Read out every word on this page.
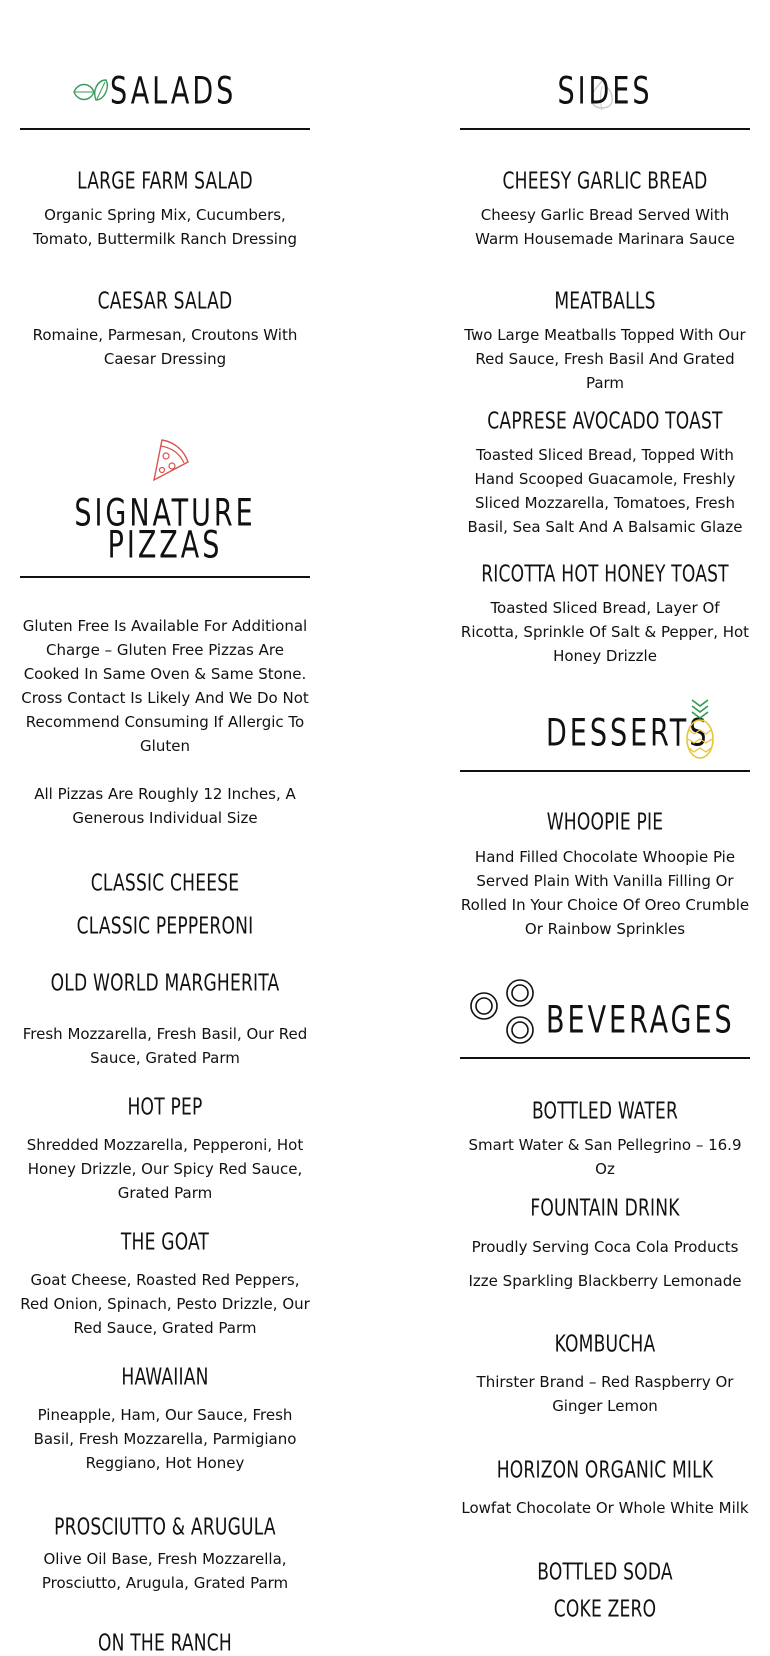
SALADS
LARGE FARM SALAD
Organic Spring Mix, Cucumbers, Tomato, Buttermilk Ranch Dressing
CAESAR SALAD
Romaine, Parmesan, Croutons With Caesar Dressing
SIGNATURE
PIZZAS
Gluten Free Is Available For Additional Charge – Gluten Free Pizzas Are Cooked In Same Oven & Same Stone. Cross Contact Is Likely And We Do Not Recommend Consuming If Allergic To Gluten
All Pizzas Are Roughly 12 Inches, A Generous Individual Size
CLASSIC CHEESE
CLASSIC PEPPERONI
OLD WORLD MARGHERITA
Fresh Mozzarella, Fresh Basil, Our Red Sauce, Grated Parm
HOT PEP
Shredded Mozzarella, Pepperoni, Hot Honey Drizzle, Our Spicy Red Sauce, Grated Parm
THE GOAT
Goat Cheese, Roasted Red Peppers, Red Onion, Spinach, Pesto Drizzle, Our Red Sauce, Grated Parm
HAWAIIAN
Pineapple, Ham, Our Sauce, Fresh Basil, Fresh Mozzarella, Parmigiano Reggiano, Hot Honey
PROSCIUTTO & ARUGULA
Olive Oil Base, Fresh Mozzarella, Prosciutto, Arugula, Grated Parm
ON THE RANCH
SIDES
CHEESY GARLIC BREAD
Cheesy Garlic Bread Served With Warm Housemade Marinara Sauce
MEATBALLS
Two Large Meatballs Topped With Our Red Sauce, Fresh Basil And Grated Parm
CAPRESE AVOCADO TOAST
Toasted Sliced Bread, Topped With Hand Scooped Guacamole, Freshly Sliced Mozzarella, Tomatoes, Fresh Basil, Sea Salt And A Balsamic Glaze
RICOTTA HOT HONEY TOAST
Toasted Sliced Bread, Layer Of Ricotta, Sprinkle Of Salt & Pepper, Hot Honey Drizzle
DESSERTS
WHOOPIE PIE
Hand Filled Chocolate Whoopie Pie Served Plain With Vanilla Filling Or Rolled In Your Choice Of Oreo Crumble Or Rainbow Sprinkles
BEVERAGES
BOTTLED WATER
Smart Water & San Pellegrino – 16.9 Oz
FOUNTAIN DRINK
Proudly Serving Coca Cola Products
Izze Sparkling Blackberry Lemonade
KOMBUCHA
Thirster Brand – Red Raspberry Or Ginger Lemon
HORIZON ORGANIC MILK
Lowfat Chocolate Or Whole White Milk
BOTTLED SODA
COKE ZERO
